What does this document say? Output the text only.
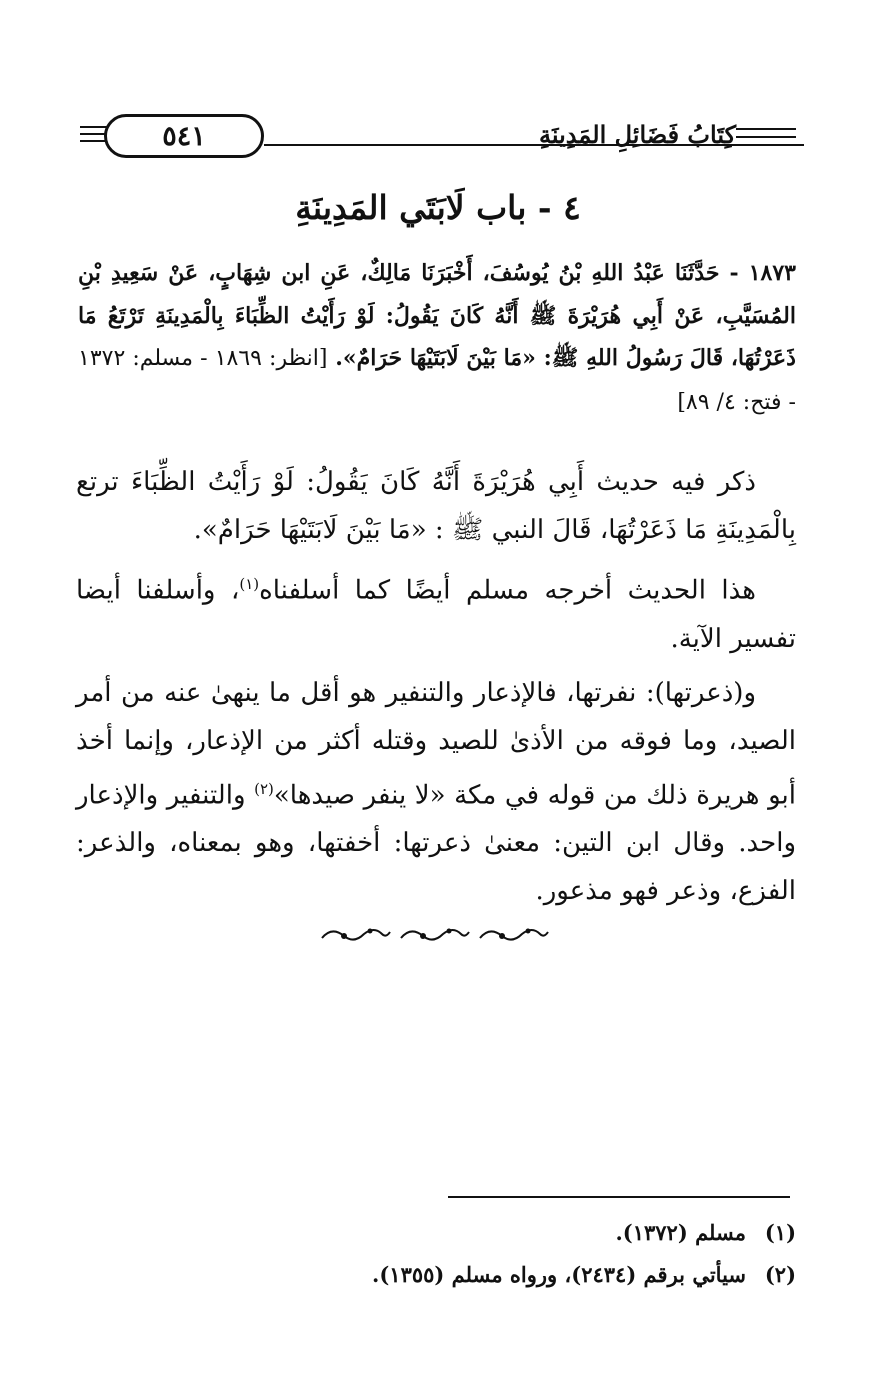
٥٤١	كِتَابُ فَضَائِلِ المَدِينَةِ
٤ - باب لَابَتَي المَدِينَةِ
١٨٧٣ - حَدَّثَنَا عَبْدُ اللهِ بْنُ يُوسُفَ، أَخْبَرَنَا مَالِكٌ، عَنِ ابن شِهَابٍ، عَنْ سَعِيدِ بْنِ المُسَيَّبِ، عَنْ أَبِي هُرَيْرَةَ ﷺ أَنَّهُ كَانَ يَقُولُ: لَوْ رَأَيْتُ الظِّبَاءَ بِالْمَدِينَةِ تَرْتَعُ مَا ذَعَرْتُهَا، قَالَ رَسُولُ اللهِ ﷺ: «مَا بَيْنَ لَابَتَيْهَا حَرَامٌ». [انظر: ١٨٦٩ - مسلم: ١٣٧٢ - فتح: ٤/ ٨٩]

ذكر فيه حديث أَبِي هُرَيْرَةَ أَنَّهُ كَانَ يَقُولُ: لَوْ رَأَيْتُ الظِّبَاءَ ترتع بِالْمَدِينَةِ مَا ذَعَرْتُهَا، قَالَ النبي ﷺ : «مَا بَيْنَ لَابَتَيْهَا حَرَامٌ».

هذا الحديث أخرجه مسلم أيضًا كما أسلفناه$^{(١)}$، وأسلفنا أيضا تفسير الآية.

و(ذعرتها): نفرتها، فالإذعار والتنفير هو أقل ما ينهىٰ عنه من أمر الصيد، وما فوقه من الأذىٰ للصيد وقتله أكثر من الإذعار، وإنما أخذ أبو هريرة ذلك من قوله في مكة «لا ينفر صيدها»$^{(٢)}$ والتنفير والإذعار واحد. وقال ابن التين: معنىٰ ذعرتها: أخفتها، وهو بمعناه، والذعر: الفزع، وذعر فهو مذعور.

(١)
مسلم (١٣٧٢).
(٢)
سيأتي برقم (٢٤٣٤)، ورواه مسلم (١٣٥٥).
